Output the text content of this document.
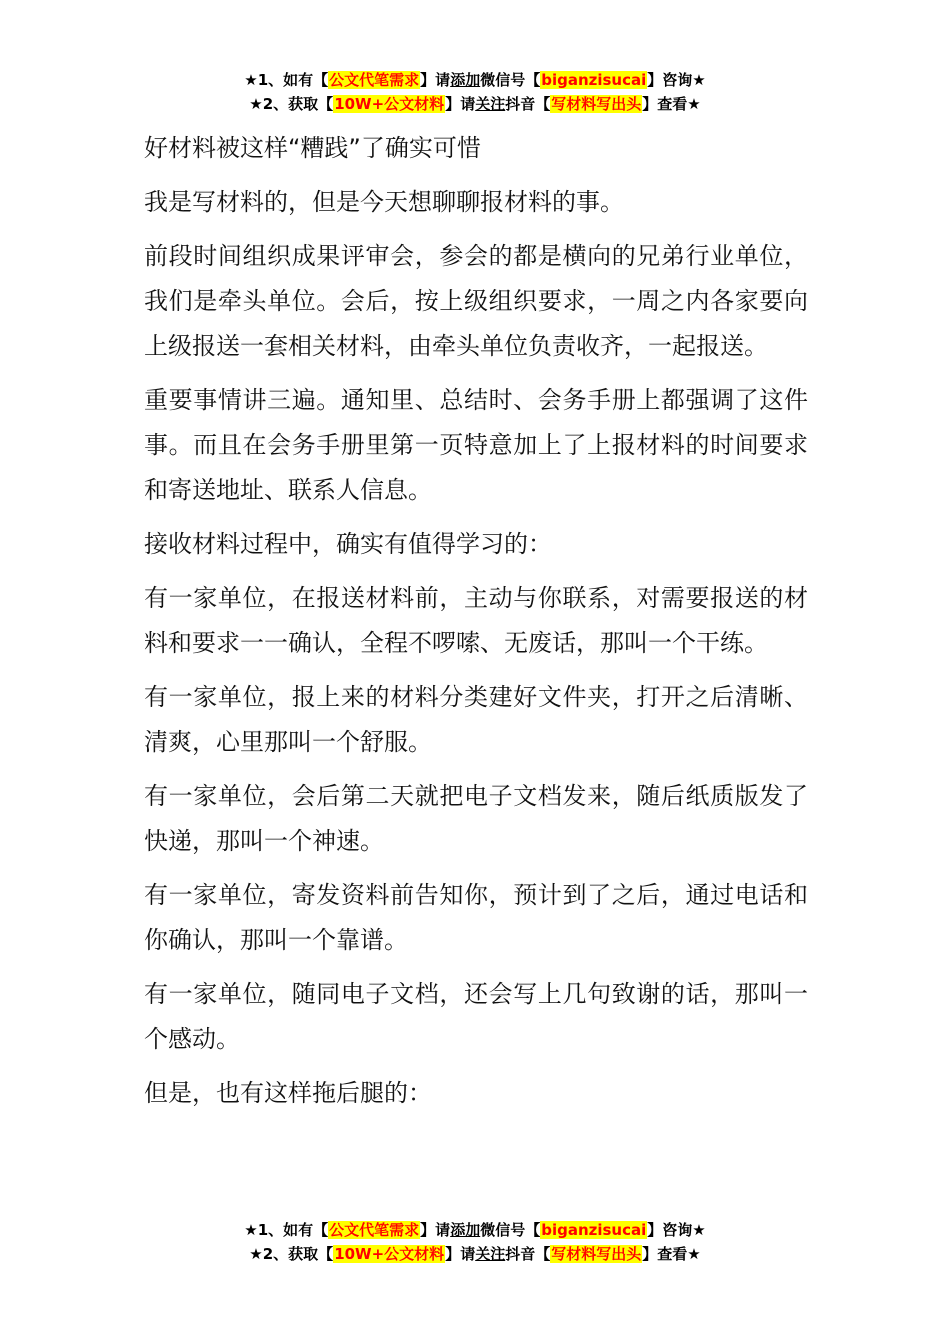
★1、如有【公文代笔需求】请添加微信号【biganzisucai】咨询★
★2、获取【10W+公文材料】请关注抖音【写材料写出头】查看★

好材料被这样“糟践”了确实可惜

我是写材料的，但是今天想聊聊报材料的事。

前段时间组织成果评审会，参会的都是横向的兄弟行业单位，我们是牵头单位。会后，按上级组织要求，一周之内各家要向上级报送一套相关材料，由牵头单位负责收齐，一起报送。

重要事情讲三遍。通知里、总结时、会务手册上都强调了这件事。而且在会务手册里第一页特意加上了上报材料的时间要求和寄送地址、联系人信息。

接收材料过程中，确实有值得学习的：

有一家单位，在报送材料前，主动与你联系，对需要报送的材料和要求一一确认，全程不啰嗦、无废话，那叫一个干练。

有一家单位，报上来的材料分类建好文件夹，打开之后清晰、清爽，心里那叫一个舒服。

有一家单位，会后第二天就把电子文档发来，随后纸质版发了快递，那叫一个神速。

有一家单位，寄发资料前告知你，预计到了之后，通过电话和你确认，那叫一个靠谱。

有一家单位，随同电子文档，还会写上几句致谢的话，那叫一个感动。

但是，也有这样拖后腿的：

★1、如有【公文代笔需求】请添加微信号【biganzisucai】咨询★
★2、获取【10W+公文材料】请关注抖音【写材料写出头】查看★
